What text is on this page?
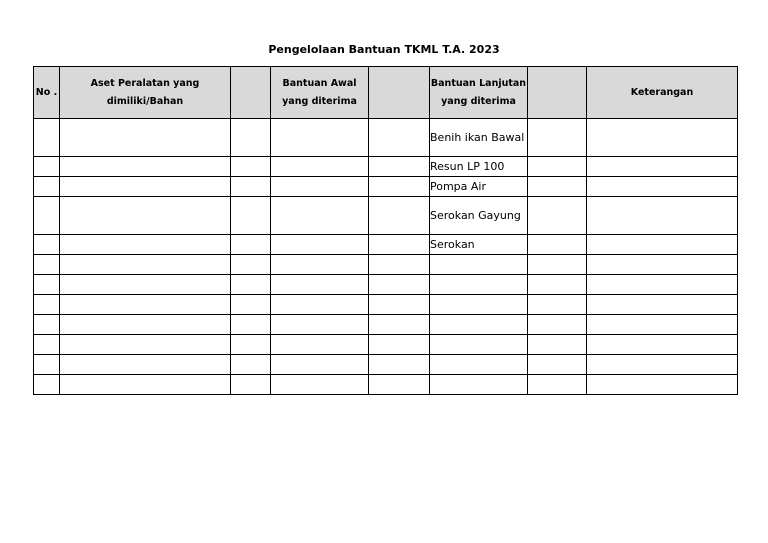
Pengelolaan Bantuan TKML T.A. 2023
No .	Aset Peralatan yang dimiliki/Bahan		Bantuan Awal yang diterima		Bantuan Lanjutan yang diterima		Keterangan
					Benih ikan Bawal		
					Resun LP 100		
					Pompa Air		
					Serokan Gayung		
					Serokan		
